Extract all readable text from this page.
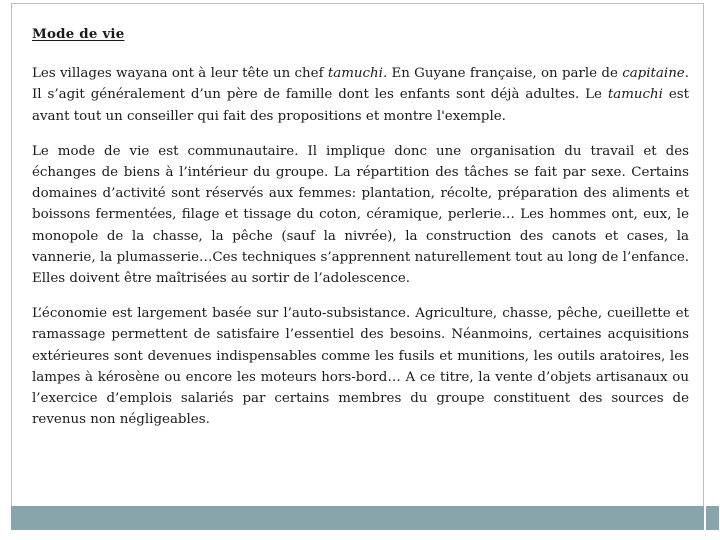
Mode de vie

Les villages wayana ont à leur tête un chef tamuchi. En Guyane française, on parle de capitaine. Il s’agit généralement d’un père de famille dont les enfants sont déjà adultes. Le tamuchi est avant tout un conseiller qui fait des propositions et montre l'exemple.

Le mode de vie est communautaire. Il implique donc une organisation du travail et des échanges de biens à l’intérieur du groupe. La répartition des tâches se fait par sexe. Certains domaines d’activité sont réservés aux femmes: plantation, récolte, préparation des aliments et boissons fermentées, filage et tissage du coton, céramique, perlerie… Les hommes ont, eux, le monopole de la chasse, la pêche (sauf la nivrée), la construction des canots et cases, la vannerie, la plumasserie…Ces techniques s’apprennent naturellement tout au long de l’enfance. Elles doivent être maîtrisées au sortir de l’adolescence.

L’économie est largement basée sur l’auto-subsistance. Agriculture, chasse, pêche, cueillette et ramassage permettent de satisfaire l’essentiel des besoins. Néanmoins, certaines acquisitions extérieures sont devenues indispensables comme les fusils et munitions, les outils aratoires, les lampes à kérosène ou encore les moteurs hors-bord… A ce titre, la vente d’objets artisanaux ou l’exercice d’emplois salariés par certains membres du groupe constituent des sources de revenus non négligeables.
